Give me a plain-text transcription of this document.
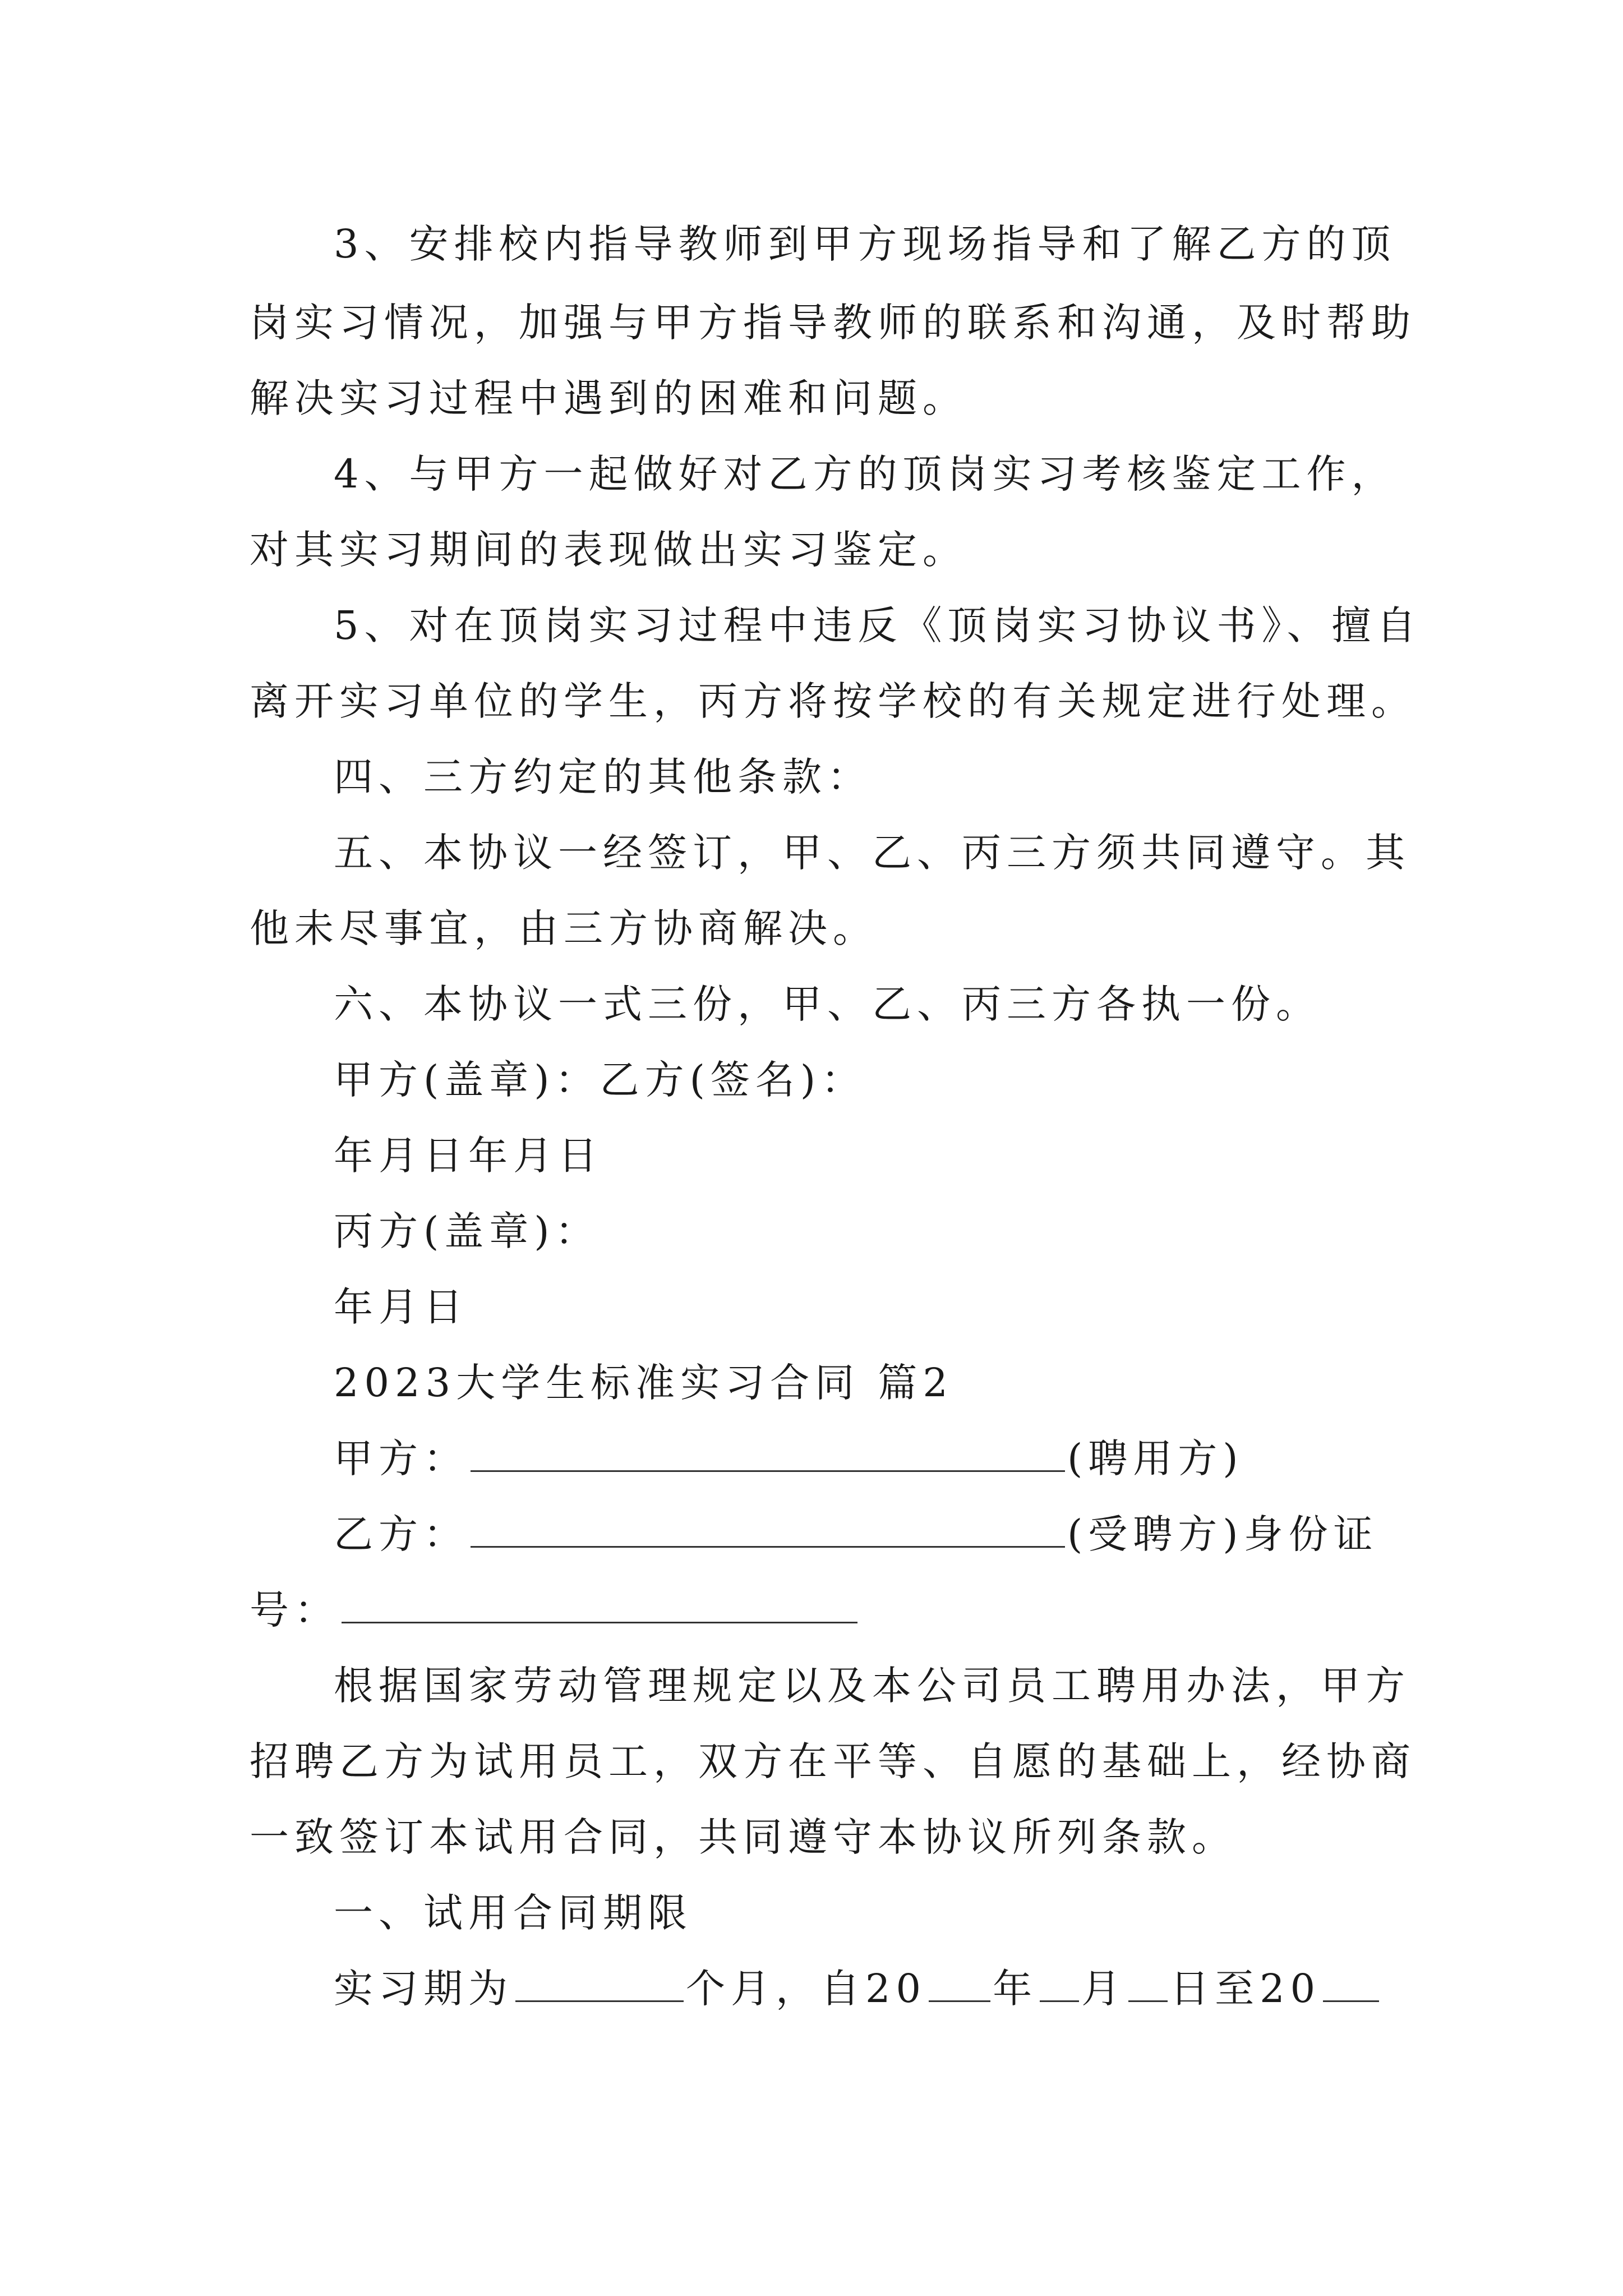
3、安排校内指导教师到甲方现场指导和了解乙方的顶
岗实习情况，加强与甲方指导教师的联系和沟通，及时帮助
解决实习过程中遇到的困难和问题。
4、与甲方一起做好对乙方的顶岗实习考核鉴定工作，
对其实习期间的表现做出实习鉴定。
5、对在顶岗实习过程中违反《顶岗实习协议书》、擅自
离开实习单位的学生，丙方将按学校的有关规定进行处理。
四、三方约定的其他条款：
五、本协议一经签订，甲、乙、丙三方须共同遵守。其
他未尽事宜，由三方协商解决。
六、本协议一式三份，甲、乙、丙三方各执一份。
甲方(盖章)：乙方(签名)：
年月日年月日
丙方(盖章)：
年月日
2023大学生标准实习合同 篇2
甲方：	(聘用方)
乙方：	(受聘方)身份证
号：
根据国家劳动管理规定以及本公司员工聘用办法，甲方
招聘乙方为试用员工，双方在平等、自愿的基础上，经协商
一致签订本试用合同，共同遵守本协议所列条款。
一、试用合同期限
实习期为	个月，自20 年 月 日至20
